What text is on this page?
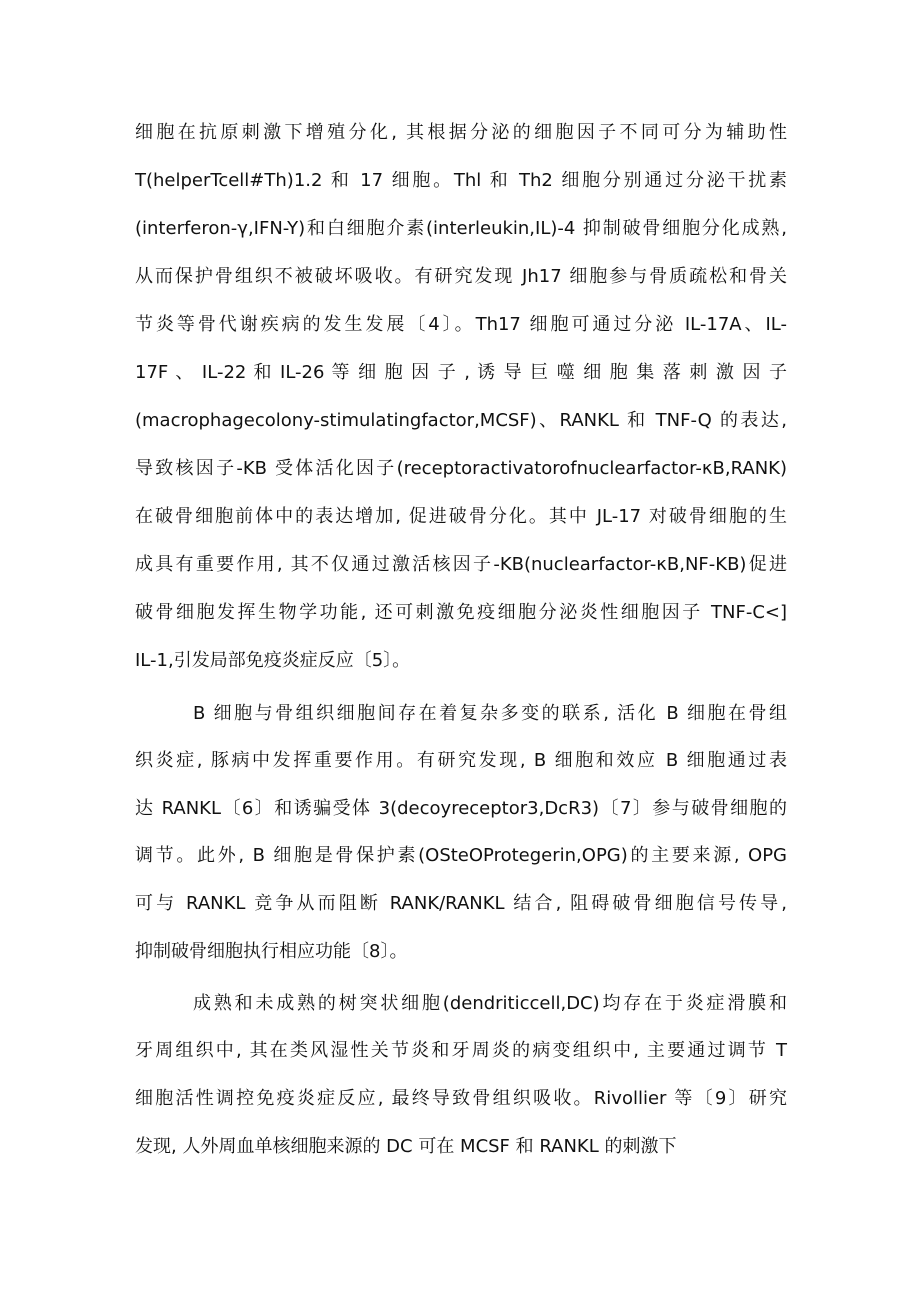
细胞在抗原刺激下增殖分化, 其根据分泌的细胞因子不同可分为辅助性
T(helperTcell#Th)1.2 和 17 细胞。Thl 和 Th2 细胞分别通过分泌干扰素
(interferon-γ,IFN-Y)和白细胞介素(interleukin,IL)-4 抑制破骨细胞分化成熟,
从而保护骨组织不被破坏吸收。有研究发现 Jh17 细胞参与骨质疏松和骨关
节炎等骨代谢疾病的发生发展〔4〕。Th17 细胞可通过分泌 IL-17A、IL-
17F 、 IL-22 和 IL-26 等 细 胞 因 子 , 诱 导 巨 噬 细 胞 集 落 刺 激 因 子
(macrophagecolony-stimulatingfactor,MCSF)、RANKL 和 TNF-Q 的表达,
导致核因子-KB 受体活化因子(receptoractivatorofnuclearfactor-κB,RANK)
在破骨细胞前体中的表达增加, 促进破骨分化。其中 JL-17 对破骨细胞的生
成具有重要作用, 其不仅通过激活核因子-KB(nuclearfactor-κB,NF-KB)促进
破骨细胞发挥生物学功能, 还可刺激免疫细胞分泌炎性细胞因子 TNF-C<]
IL-1,引发局部免疫炎症反应〔5〕。
B 细胞与骨组织细胞间存在着复杂多变的联系, 活化 B 细胞在骨组
织炎症, 豚病中发挥重要作用。有研究发现, B 细胞和效应 B 细胞通过表
达 RANKL〔6〕和诱骗受体 3(decoyreceptor3,DcR3)〔7〕参与破骨细胞的
调节。此外, B 细胞是骨保护素(OSteOProtegerin,OPG)的主要来源, OPG
可与 RANKL 竞争从而阻断 RANK/RANKL 结合, 阻碍破骨细胞信号传导,
抑制破骨细胞执行相应功能〔8〕。
成熟和未成熟的树突状细胞(dendriticcell,DC)均存在于炎症滑膜和
牙周组织中, 其在类风湿性关节炎和牙周炎的病变组织中, 主要通过调节 T
细胞活性调控免疫炎症反应, 最终导致骨组织吸收。Rivollier 等〔9〕研究
发现, 人外周血单核细胞来源的 DC 可在 MCSF 和 RANKL 的刺激下
